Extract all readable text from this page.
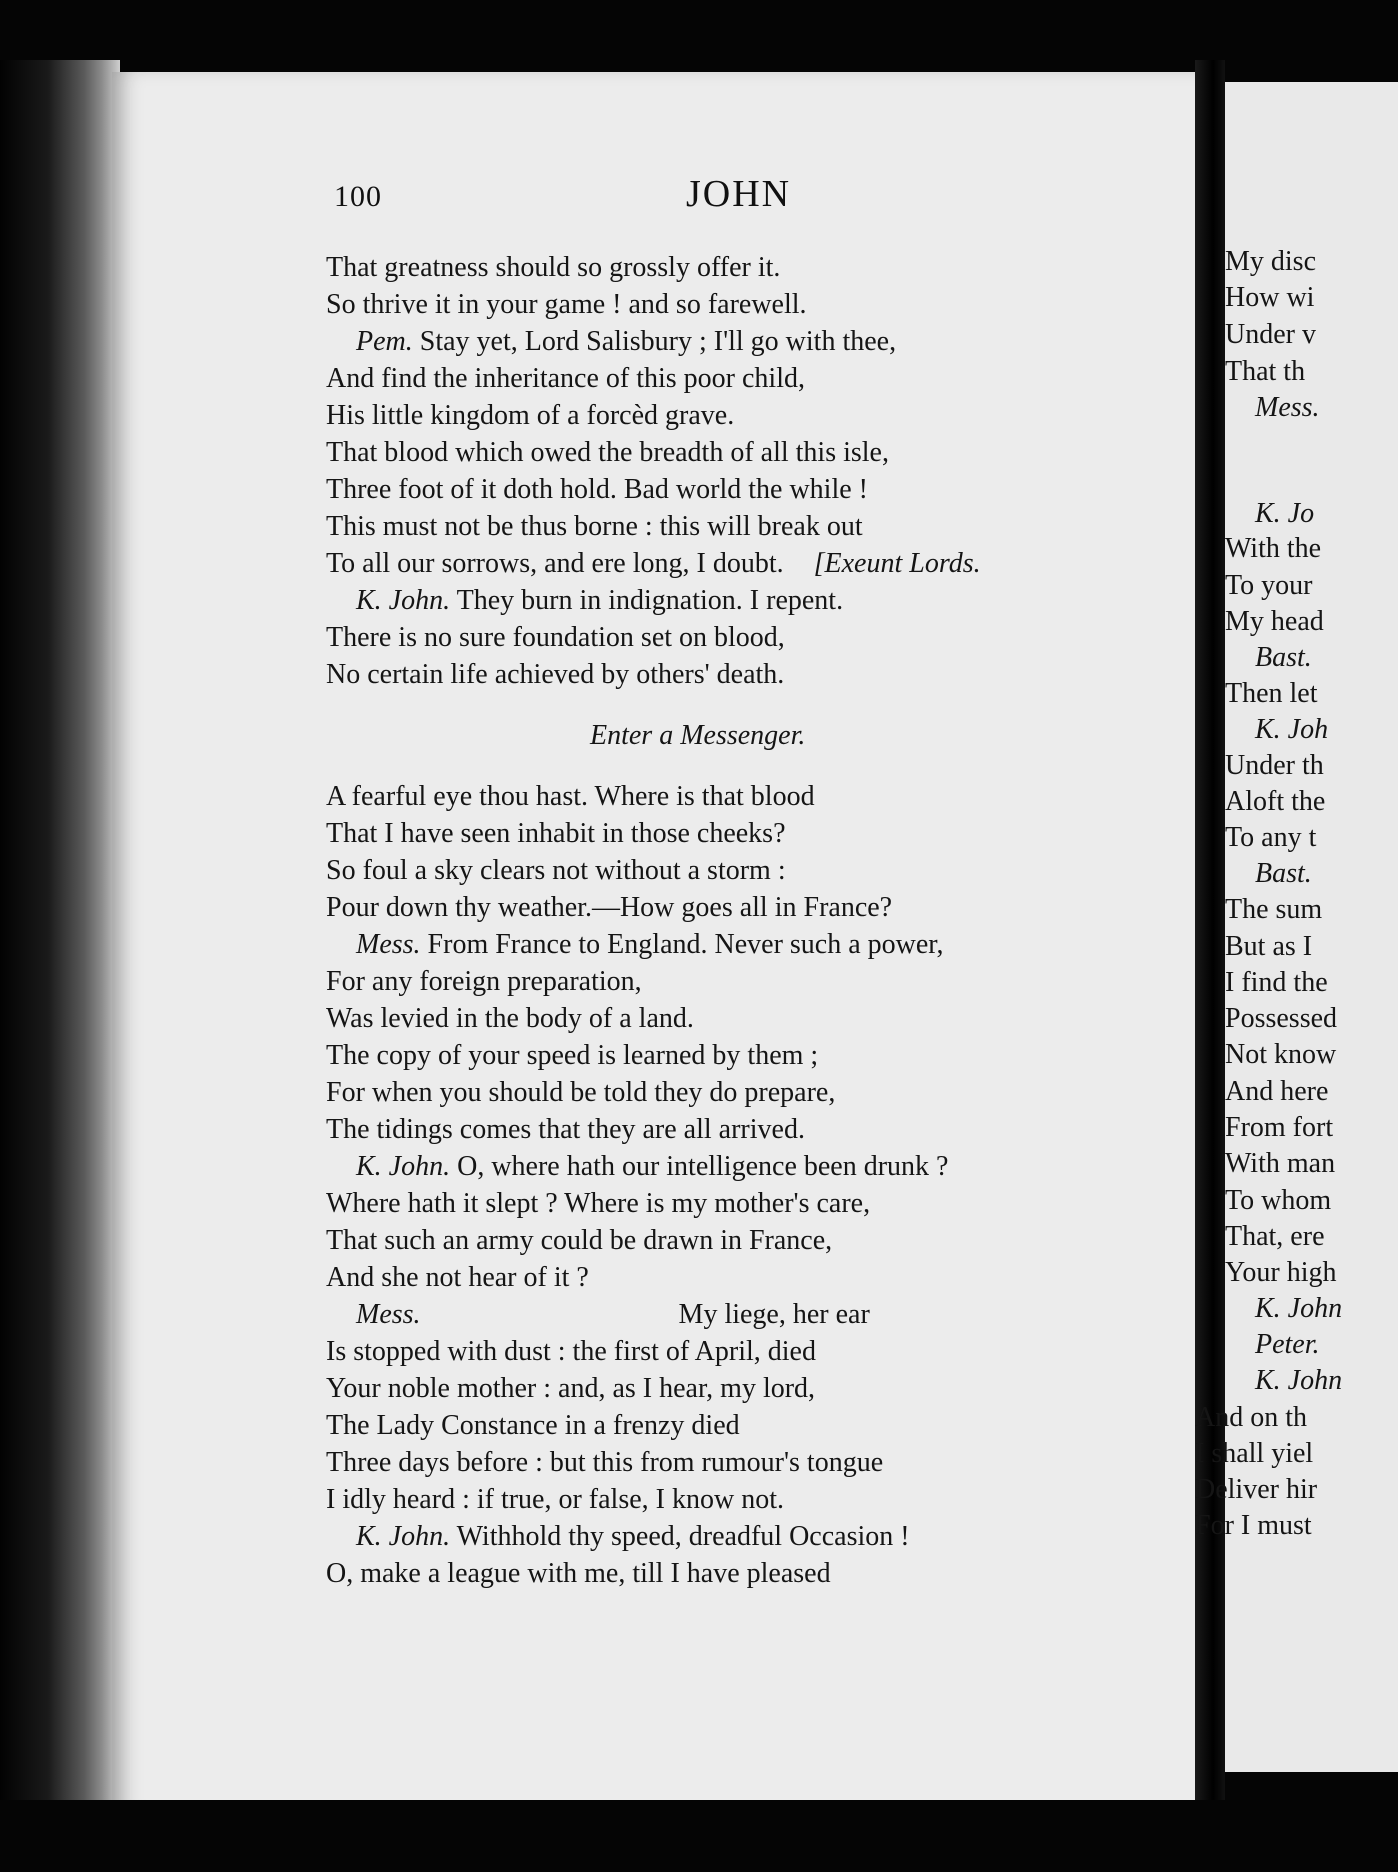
100	JOHN
That greatness should so grossly offer it.
So thrive it in your game ! and so farewell.
Pem. Stay yet, Lord Salisbury ; I'll go with thee,
And find the inheritance of this poor child,
His little kingdom of a forcèd grave.
That blood which owed the breadth of all this isle,
Three foot of it doth hold. Bad world the while !
This must not be thus borne : this will break out
To all our sorrows, and ere long, I doubt. [Exeunt Lords.
K. John. They burn in indignation. I repent.
There is no sure foundation set on blood,
No certain life achieved by others' death.
Enter a Messenger.
A fearful eye thou hast. Where is that blood
That I have seen inhabit in those cheeks?
So foul a sky clears not without a storm :
Pour down thy weather.—How goes all in France?
Mess. From France to England. Never such a power,
For any foreign preparation,
Was levied in the body of a land.
The copy of your speed is learned by them ;
For when you should be told they do prepare,
The tidings comes that they are all arrived.
K. John. O, where hath our intelligence been drunk ?
Where hath it slept ? Where is my mother's care,
That such an army could be drawn in France,
And she not hear of it ?
Mess.	My liege, her ear
Is stopped with dust : the first of April, died
Your noble mother : and, as I hear, my lord,
The Lady Constance in a frenzy died
Three days before : but this from rumour's tongue
I idly heard : if true, or false, I know not.
K. John. Withhold thy speed, dreadful Occasion !
O, make a league with me, till I have pleased
My disc
How wi
Under v
That th
Mess.
K. Jo
With the
To your
My head
Bast.
Then let
K. Joh
Under th
Aloft the
To any t
Bast.
The sum
But as I
I find the
Possessed
Not know
And here
From fort
With man
To whom
That, ere
Your high
K. John
Peter.
K. John
And on th
I shall yiel
Deliver hir
For I must
